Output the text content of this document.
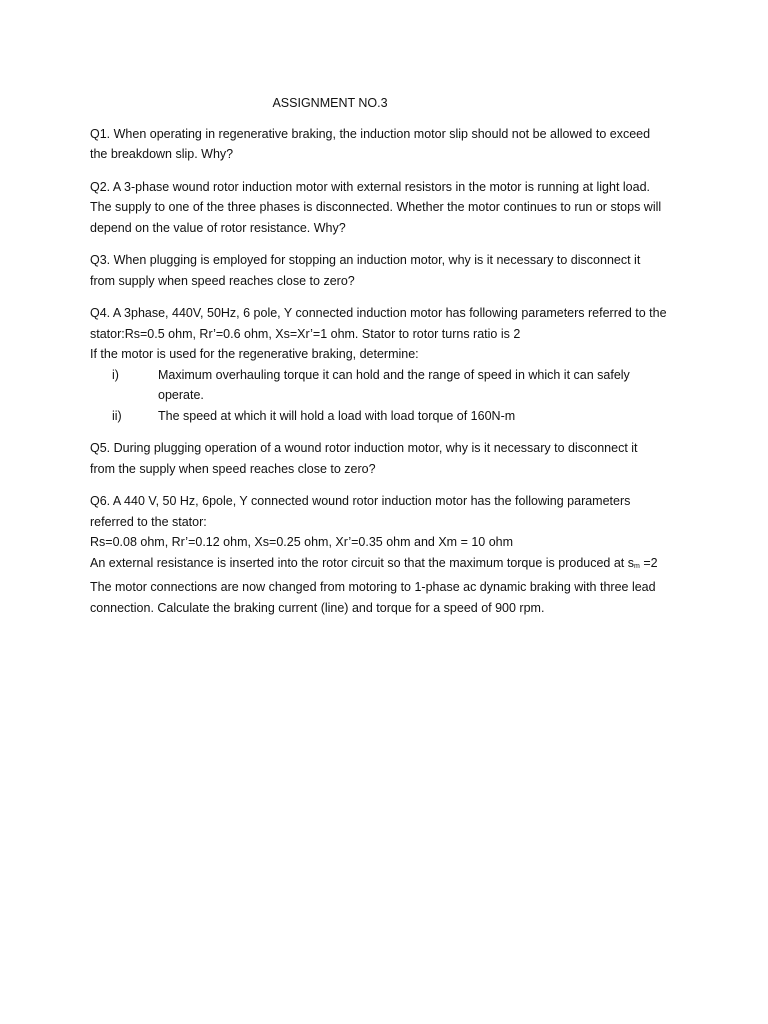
ASSIGNMENT NO.3
Q1. When operating in regenerative braking, the induction motor slip should not be allowed to exceed
the breakdown slip. Why?
Q2. A 3-phase wound rotor induction motor with external resistors in the motor is running at light load.
The supply to one of the three phases is disconnected. Whether the motor continues to run or stops will
depend on the value of rotor resistance. Why?
Q3. When plugging is employed for stopping an induction motor, why is it necessary to disconnect it
from supply when speed reaches close to zero?
Q4. A 3phase, 440V, 50Hz, 6 pole, Y connected induction motor has following parameters referred to the
stator:Rs=0.5 ohm, Rr’=0.6 ohm, Xs=Xr’=1 ohm. Stator to rotor turns ratio is 2
If the motor is used for the regenerative braking, determine:
i)	Maximum overhauling torque it can hold and the range of speed in which it can safely
operate.
ii)	The speed at which it will hold a load with load torque of 160N-m
Q5. During plugging operation of a wound rotor induction motor, why is it necessary to disconnect it
from the supply when speed reaches close to zero?
Q6. A 440 V, 50 Hz, 6pole, Y connected wound rotor induction motor has the following parameters
referred to the stator:
Rs=0.08 ohm, Rr’=0.12 ohm, Xs=0.25 ohm, Xr’=0.35 ohm and Xm = 10 ohm
An external resistance is inserted into the rotor circuit so that the maximum torque is produced at $s_m =2$
The motor connections are now changed from motoring to 1-phase ac dynamic braking with three lead
connection. Calculate the braking current (line) and torque for a speed of 900 rpm.
